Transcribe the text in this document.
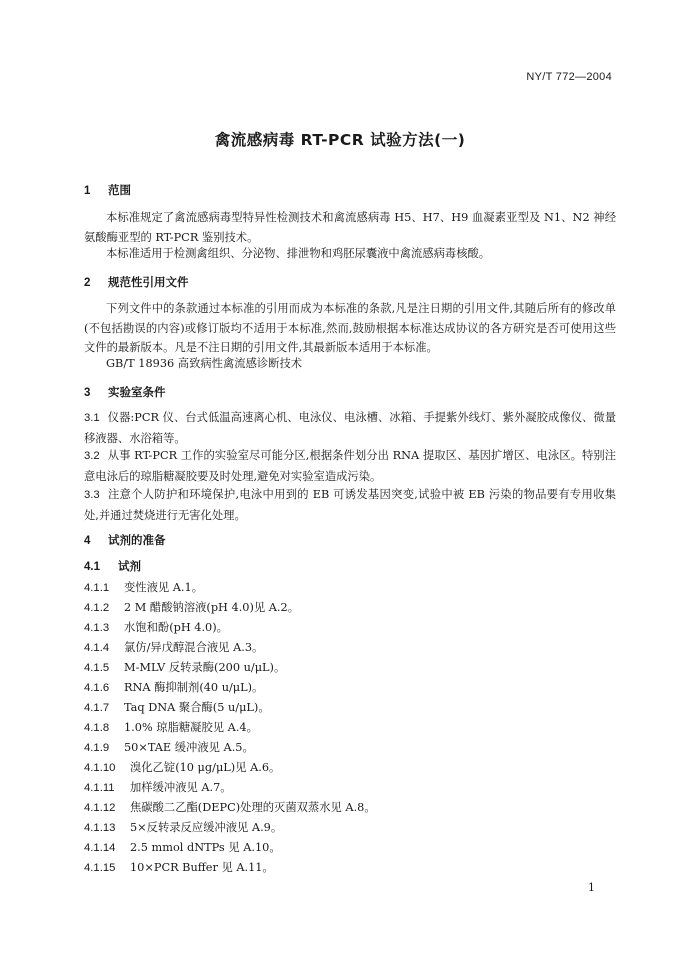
NY/T 772—2004
禽流感病毒 RT-PCR 试验方法(一)
1 范围
本标准规定了禽流感病毒型特异性检测技术和禽流感病毒 H5、H7、H9 血凝素亚型及 N1、N2 神经氨酸酶亚型的 RT-PCR 鉴别技术。
本标准适用于检测禽组织、分泌物、排泄物和鸡胚尿囊液中禽流感病毒核酸。
2 规范性引用文件
下列文件中的条款通过本标准的引用而成为本标准的条款,凡是注日期的引用文件,其随后所有的修改单(不包括勘误的内容)或修订版均不适用于本标准,然而,鼓励根据本标准达成协议的各方研究是否可使用这些文件的最新版本。凡是不注日期的引用文件,其最新版本适用于本标准。
GB/T 18936 高致病性禽流感诊断技术
3 实验室条件
3.1 仪器:PCR 仪、台式低温高速离心机、电泳仪、电泳槽、冰箱、手提紫外线灯、紫外凝胶成像仪、微量移液器、水浴箱等。
3.2 从事 RT-PCR 工作的实验室尽可能分区,根据条件划分出 RNA 提取区、基因扩增区、电泳区。特别注意电泳后的琼脂糖凝胶要及时处理,避免对实验室造成污染。
3.3 注意个人防护和环境保护,电泳中用到的 EB 可诱发基因突变,试验中被 EB 污染的物品要有专用收集处,并通过焚烧进行无害化处理。
4 试剂的准备
4.1 试剂
4.1.1 变性液见 A.1。
4.1.2 2 M 醋酸钠溶液(pH 4.0)见 A.2。
4.1.3 水饱和酚(pH 4.0)。
4.1.4 氯仿/异戊醇混合液见 A.3。
4.1.5 M-MLV 反转录酶(200 u/μL)。
4.1.6 RNA 酶抑制剂(40 u/μL)。
4.1.7 Taq DNA 聚合酶(5 u/μL)。
4.1.8 1.0% 琼脂糖凝胶见 A.4。
4.1.9 50×TAE 缓冲液见 A.5。
4.1.10 溴化乙锭(10 μg/μL)见 A.6。
4.1.11 加样缓冲液见 A.7。
4.1.12 焦碳酸二乙酯(DEPC)处理的灭菌双蒸水见 A.8。
4.1.13 5×反转录反应缓冲液见 A.9。
4.1.14 2.5 mmol dNTPs 见 A.10。
4.1.15 10×PCR Buffer 见 A.11。
1
